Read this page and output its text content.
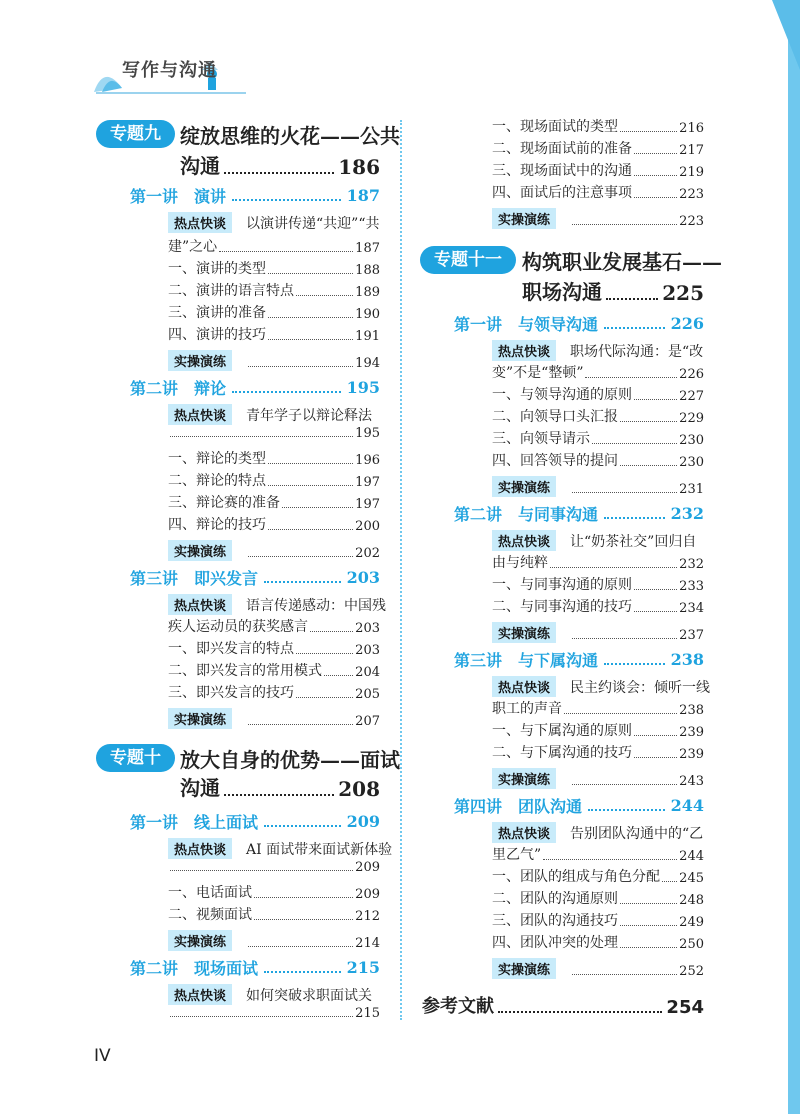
写作与沟通
专题九 绽放思维的火花——公共
沟通	186
第一讲 演讲	187
热点快谈 以演讲传递“共迎”“共
建”之心	187
一、演讲的类型	188
二、演讲的语言特点	189
三、演讲的准备	190
四、演讲的技巧	191
实操演练	194
第二讲 辩论	195
热点快谈 青年学子以辩论释法
195
一、辩论的类型	196
二、辩论的特点	197
三、辩论赛的准备	197
四、辩论的技巧	200
实操演练	202
第三讲 即兴发言	203
热点快谈 语言传递感动：中国残
疾人运动员的获奖感言	203
一、即兴发言的特点	203
二、即兴发言的常用模式	204
三、即兴发言的技巧	205
实操演练	207
专题十 放大自身的优势——面试
沟通	208
第一讲 线上面试	209
热点快谈 AI 面试带来面试新体验
209
一、电话面试	209
二、视频面试	212
实操演练	214
第二讲 现场面试	215
热点快谈 如何突破求职面试关
215
一、现场面试的类型	216
二、现场面试前的准备	217
三、现场面试中的沟通	219
四、面试后的注意事项	223
实操演练	223
专题十一	构筑职业发展基石——
职场沟通	225
第一讲 与领导沟通	226
热点快谈 职场代际沟通：是“改
变”不是“整顿”	226
一、与领导沟通的原则	227
二、向领导口头汇报	229
三、向领导请示	230
四、回答领导的提问	230
实操演练	231
第二讲 与同事沟通	232
热点快谈 让“奶茶社交”回归自
由与纯粹	232
一、与同事沟通的原则	233
二、与同事沟通的技巧	234
实操演练	237
第三讲 与下属沟通	238
热点快谈 民主约谈会：倾听一线
职工的声音	238
一、与下属沟通的原则	239
二、与下属沟通的技巧	239
实操演练	243
第四讲 团队沟通	244
热点快谈 告别团队沟通中的“乙
里乙气”	244
一、团队的组成与角色分配 245
二、团队的沟通原则	248
三、团队的沟通技巧	249
四、团队冲突的处理	250
实操演练	252
参考文献	254
IV
